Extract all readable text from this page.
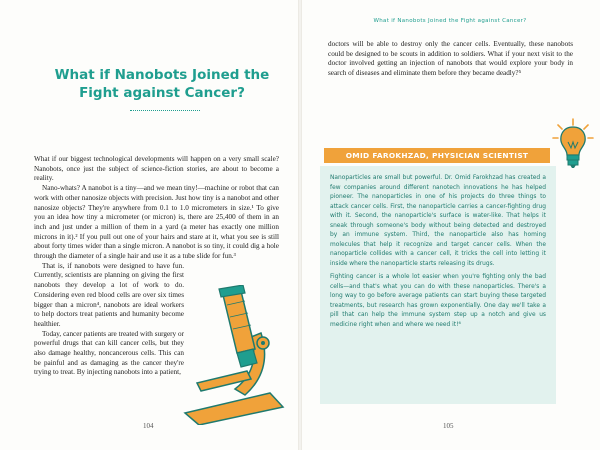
What if Nanobots Joined the Fight against Cancer?

What if our biggest technological developments will happen on a very small scale? Nanobots, once just the subject of science-fiction stories, are about to become a reality.

Nano-whats? A nanobot is a tiny—and we mean tiny!—machine or robot that can work with other nanosize objects with precision. Just how tiny is a nanobot and other nanosize objects? They're anywhere from 0.1 to 1.0 micrometers in size.¹ To give you an idea how tiny a micrometer (or micron) is, there are 25,400 of them in an inch and just under a million of them in a yard (a meter has exactly one million microns in it).² If you pull out one of your hairs and stare at it, what you see is still about forty times wider than a single micron. A nanobot is so tiny, it could dig a hole through the diameter of a single hair and use it as a tube slide for fun.³

That is, if nanobots were designed to have fun. Currently, scientists are planning on giving the first nanobots they develop a lot of work to do. Considering even red blood cells are over six times bigger than a micron⁴, nanobots are ideal workers to help doctors treat patients and humanity become healthier.

Today, cancer patients are treated with surgery or powerful drugs that can kill cancer cells, but they also damage healthy, noncancerous cells. This can be painful and as damaging as the cancer they're trying to treat. By injecting nanobots into a patient,

104
What if Nanobots Joined the Fight against Cancer?

doctors will be able to destroy only the cancer cells. Eventually, these nanobots could be designed to be scouts in addition to soldiers. What if your next visit to the doctor involved getting an injection of nanobots that would explore your body in search of diseases and eliminate them before they became deadly?⁵

OMID FAROKHZAD, PHYSICIAN SCIENTIST

Nanoparticles are small but powerful. Dr. Omid Farokhzad has created a few companies around different nanotech innovations he has helped pioneer. The nanoparticles in one of his projects do three things to attack cancer cells. First, the nanoparticle carries a cancer-fighting drug with it. Second, the nanoparticle's surface is water-like. That helps it sneak through someone's body without being detected and destroyed by an immune system. Third, the nanoparticle also has homing molecules that help it recognize and target cancer cells. When the nanoparticle collides with a cancer cell, it tricks the cell into letting it inside where the nanoparticle starts releasing its drugs.

Fighting cancer is a whole lot easier when you're fighting only the bad cells—and that's what you can do with these nanoparticles. There's a long way to go before average patients can start buying these targeted treatments, but research has grown exponentially. One day we'll take a pill that can help the immune system step up a notch and give us medicine right when and where we need it!⁶

105
